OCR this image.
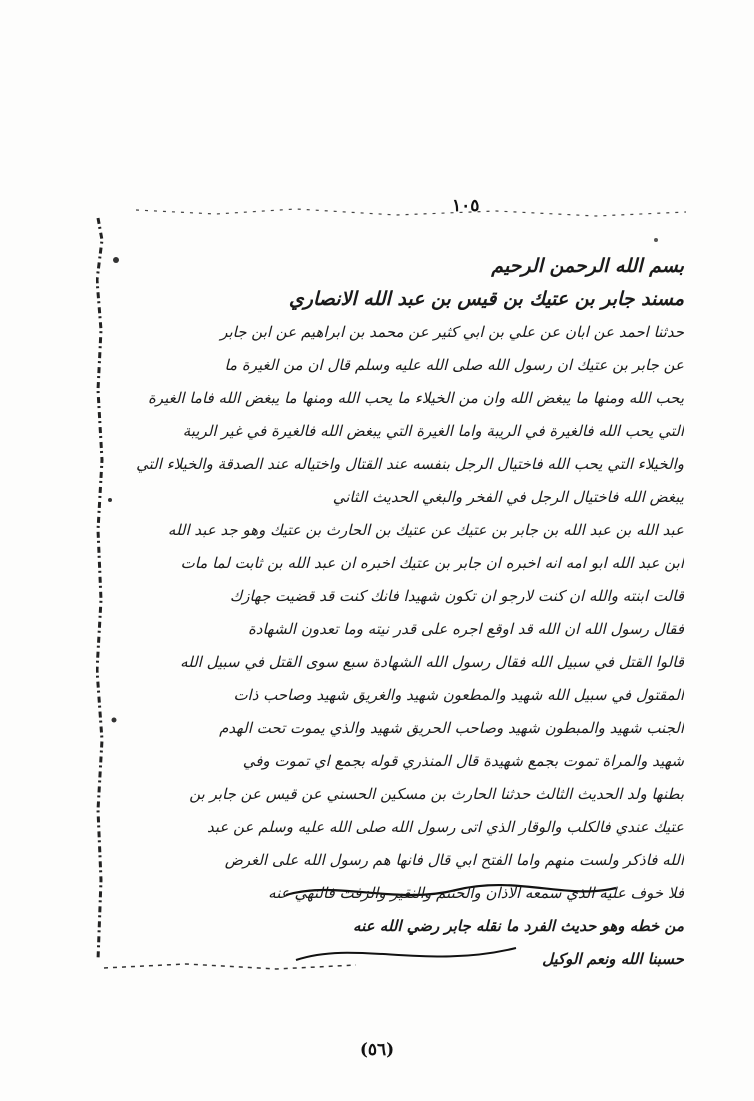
١٠٥
بسم الله الرحمن الرحيم
مسند جابر بن عتيك بن قيس بن عبد الله الانصاري
حدثنا احمد عن ابان عن علي بن ابي كثير عن محمد بن ابراهيم عن ابن جابر
عن جابر بن عتيك ان رسول الله صلى الله عليه وسلم قال ان من الغيرة ما
يحب الله ومنها ما يبغض الله وان من الخيلاء ما يحب الله ومنها ما يبغض الله فاما الغيرة
التي يحب الله فالغيرة في الريبة واما الغيرة التي يبغض الله فالغيرة في غير الريبة
والخيلاء التي يحب الله فاختيال الرجل بنفسه عند القتال واختياله عند الصدقة والخيلاء التي
يبغض الله فاختيال الرجل في الفخر والبغي الحديث الثاني
عبد الله بن عبد الله بن جابر بن عتيك عن عتيك بن الحارث بن عتيك وهو جد عبد الله
ابن عبد الله ابو امه انه اخبره ان جابر بن عتيك اخبره ان عبد الله بن ثابت لما مات
قالت ابنته والله ان كنت لارجو ان تكون شهيدا فانك كنت قد قضيت جهازك
فقال رسول الله ان الله قد اوقع اجره على قدر نيته وما تعدون الشهادة
قالوا القتل في سبيل الله فقال رسول الله الشهادة سبع سوى القتل في سبيل الله
المقتول في سبيل الله شهيد والمطعون شهيد والغريق شهيد وصاحب ذات
الجنب شهيد والمبطون شهيد وصاحب الحريق شهيد والذي يموت تحت الهدم
شهيد والمراة تموت بجمع شهيدة قال المنذري قوله بجمع اي تموت وفي
بطنها ولد الحديث الثالث حدثنا الحارث بن مسكين الحسني عن قيس عن جابر بن
عتيك عندي فالكلب والوقار الذي اتى رسول الله صلى الله عليه وسلم عن عبد
الله فاذكر ولست منهم واما الفتح ابي قال فانها هم رسول الله على الغرض
فلا خوف عليه الذي سمعه الاذان والحنتم والنقير والزفت فالنهي عنه
من خطه وهو حديث الفرد ما نقله جابر رضي الله عنه
حسبنا الله ونعم الوكيل
(٥٦)
